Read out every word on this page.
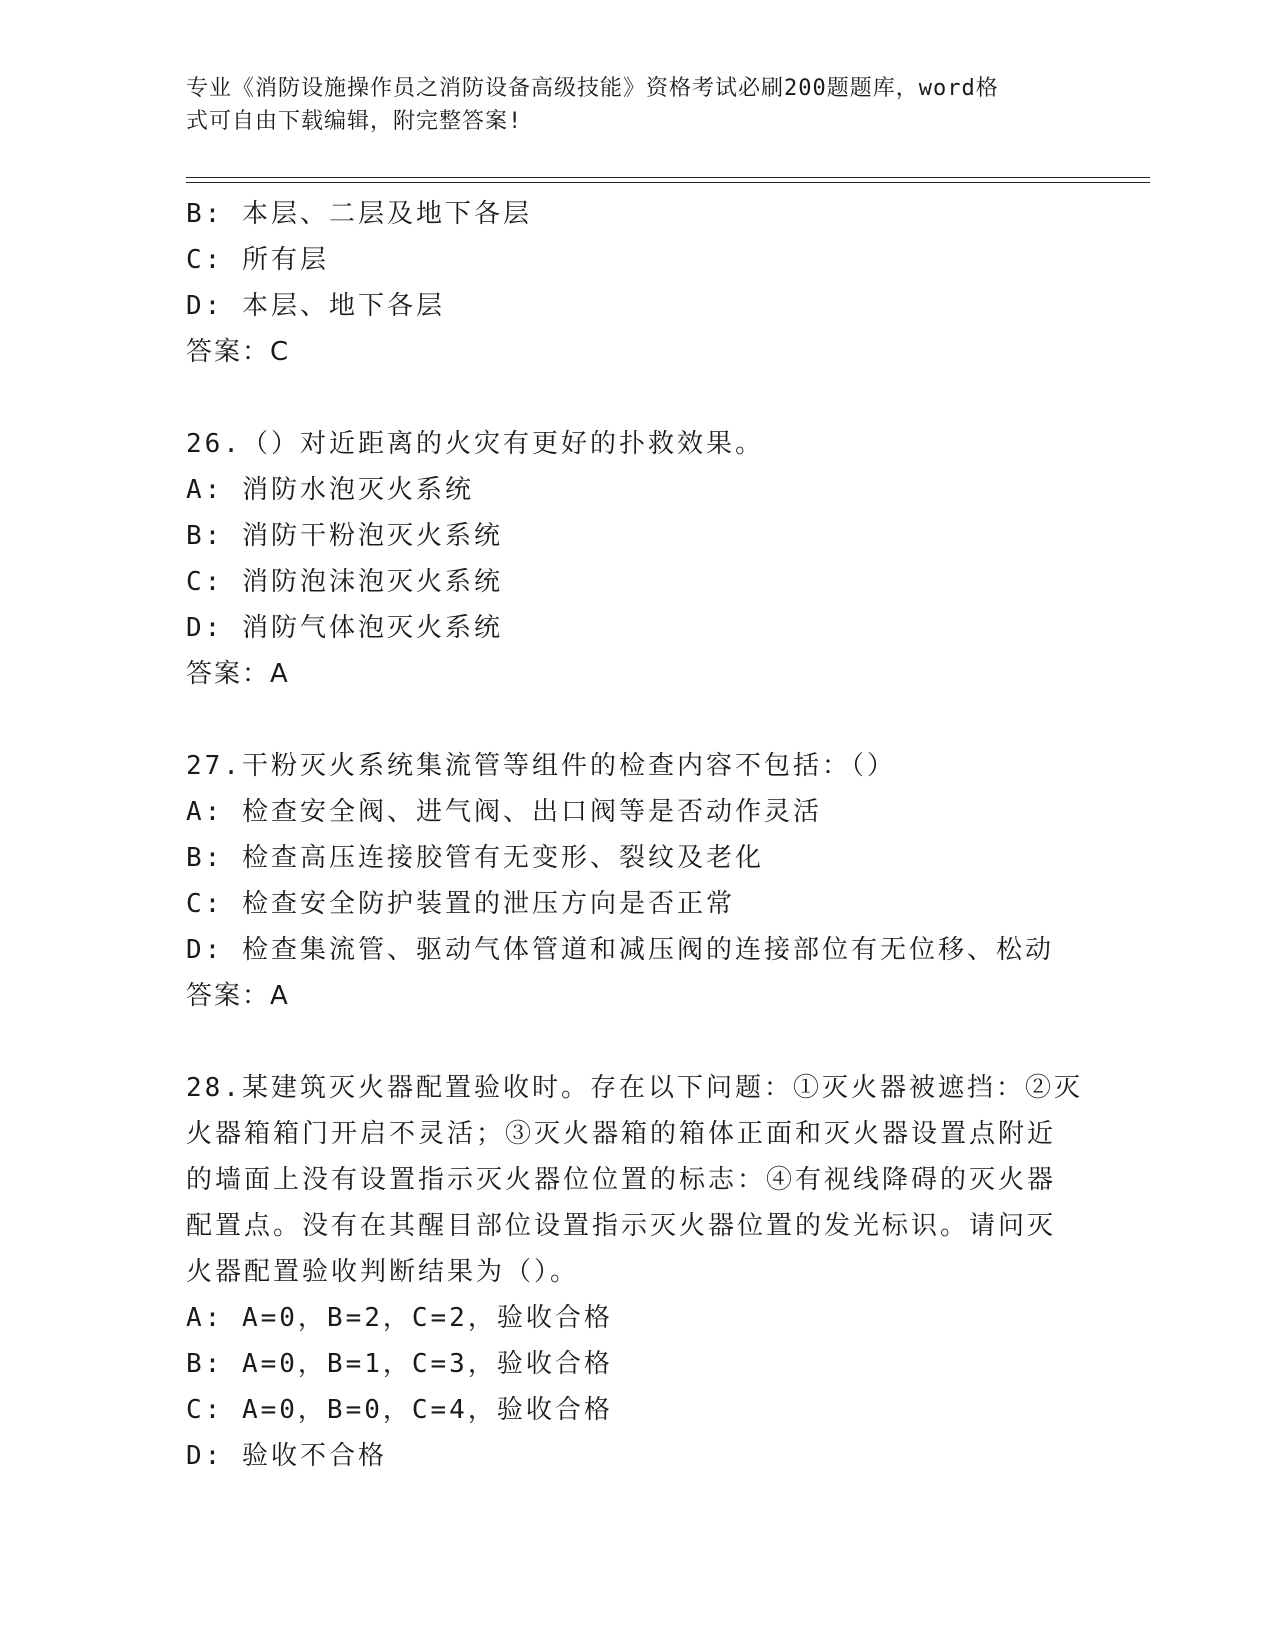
专业《消防设施操作员之消防设备高级技能》资格考试必刷200题题库，word格
式可自由下载编辑，附完整答案!
B: 本层、二层及地下各层
C: 所有层
D: 本层、地下各层
答案：C
26.（）对近距离的火灾有更好的扑救效果。
A: 消防水泡灭火系统
B: 消防干粉泡灭火系统
C: 消防泡沫泡灭火系统
D: 消防气体泡灭火系统
答案：A
27.干粉灭火系统集流管等组件的检查内容不包括：（）
A: 检查安全阀、进气阀、出口阀等是否动作灵活
B: 检查高压连接胶管有无变形、裂纹及老化
C: 检查安全防护装置的泄压方向是否正常
D: 检查集流管、驱动气体管道和减压阀的连接部位有无位移、松动
答案：A
28.某建筑灭火器配置验收时。存在以下问题：①灭火器被遮挡：②灭
火器箱箱门开启不灵活；③灭火器箱的箱体正面和灭火器设置点附近
的墙面上没有设置指示灭火器位位置的标志：④有视线降碍的灭火器
配置点。没有在其醒目部位设置指示灭火器位置的发光标识。请问灭
火器配置验收判断结果为（）。
A: A=0，B=2，C=2，验收合格
B: A=0，B=1，C=3，验收合格
C: A=0，B=0，C=4，验收合格
D: 验收不合格
